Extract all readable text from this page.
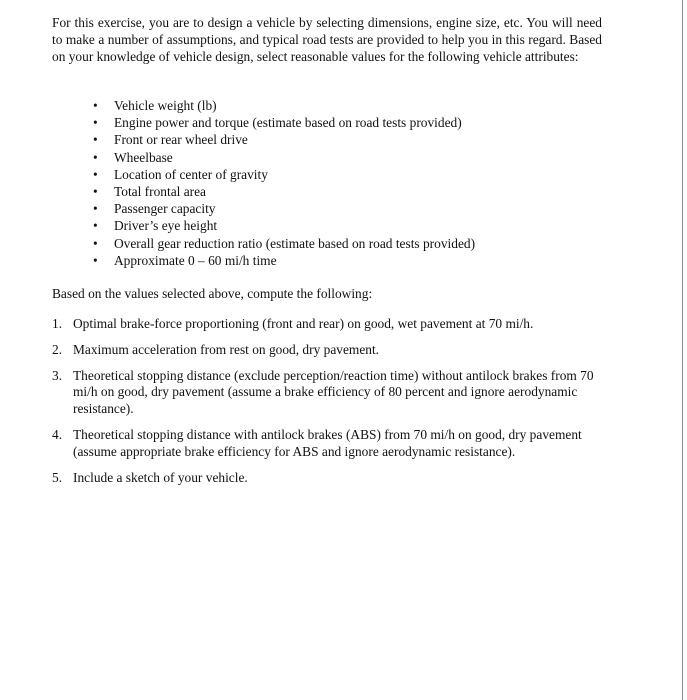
For this exercise, you are to design a vehicle by selecting dimensions, engine size, etc. You will need to make a number of assumptions, and typical road tests are provided to help you in this regard. Based on your knowledge of vehicle design, select reasonable values for the following vehicle attributes:

• Vehicle weight (lb)
• Engine power and torque (estimate based on road tests provided)
• Front or rear wheel drive
• Wheelbase
• Location of center of gravity
• Total frontal area
• Passenger capacity
• Driver’s eye height
• Overall gear reduction ratio (estimate based on road tests provided)
• Approximate 0 – 60 mi/h time

Based on the values selected above, compute the following:

1. Optimal brake-force proportioning (front and rear) on good, wet pavement at 70 mi/h.
2. Maximum acceleration from rest on good, dry pavement.
3. Theoretical stopping distance (exclude perception/reaction time) without antilock brakes from 70 mi/h on good, dry pavement (assume a brake efficiency of 80 percent and ignore aerodynamic resistance).
4. Theoretical stopping distance with antilock brakes (ABS) from 70 mi/h on good, dry pavement (assume appropriate brake efficiency for ABS and ignore aerodynamic resistance).
5. Include a sketch of your vehicle.
